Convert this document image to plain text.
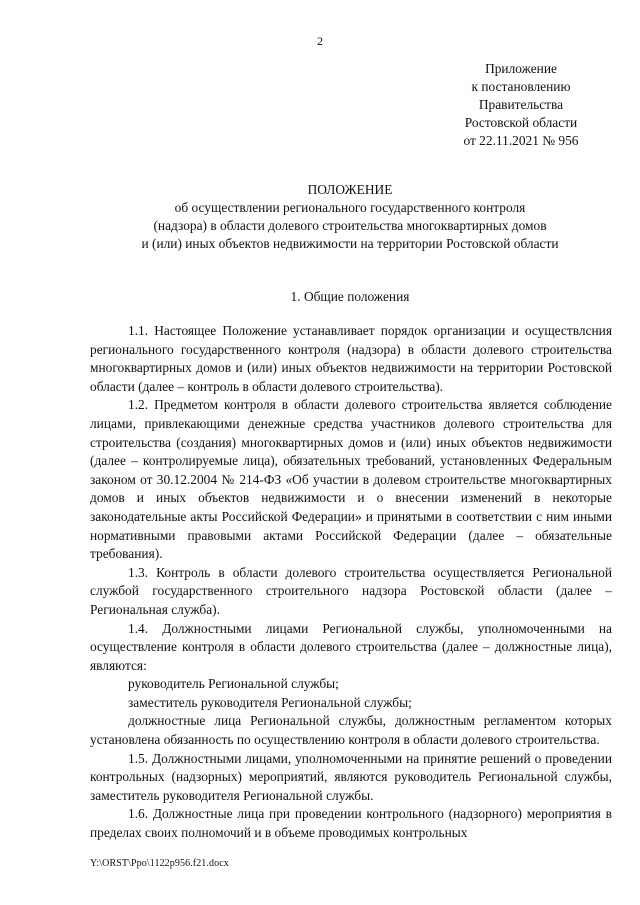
2
Приложение
к постановлению
Правительства
Ростовской области
от 22.11.2021 № 956
ПОЛОЖЕНИЕ
об осуществлении регионального государственного контроля
(надзора) в области долевого строительства многоквартирных домов
и (или) иных объектов недвижимости на территории Ростовской области
1. Общие положения

1.1. Настоящее Положение устанавливает порядок организации и осуществлсния регионального государственного контроля (надзора) в области долевого строительства многоквартирных домов и (или) иных объектов недвижимости на территории Ростовской области (далее – контроль в области долевого строительства).

1.2. Предметом контроля в области долевого строительства является соблюдение лицами, привлекающими денежные средства участников долевого строительства для строительства (создания) многоквартирных домов и (или) иных объектов недвижимости (далее – контролируемые лица), обязательных требований, установленных Федеральным законом от 30.12.2004 № 214-ФЗ «Об участии в долевом строительстве многоквартирных домов и иных объектов недвижимости и о внесении изменений в некоторые законодательные акты Российской Федерации» и принятыми в соответствии с ним иными нормативными правовыми актами Российской Федерации (далее – обязательные требования).

1.3. Контроль в области долевого строительства осуществляется Региональной службой государственного строительного надзора Ростовской области (далее – Региональная служба).

1.4. Должностными лицами Региональной службы, уполномоченными на осуществление контроля в области долевого строительства (далее – должностные лица), являются:

руководитель Региональной службы;

заместитель руководителя Региональной службы;

должностные лица Региональной службы, должностным регламентом которых установлена обязанность по осуществлению контроля в области долевого строительства.

1.5. Должностными лицами, уполномоченными на принятие решений о проведении контрольных (надзорных) мероприятий, являются руководитель Региональной службы, заместитель руководителя Региональной службы.

1.6. Должностные лица при проведении контрольного (надзорного) мероприятия в пределах своих полномочий и в объеме проводимых контрольных

Y:\ORST\Ppo\1122p956.f21.docx
